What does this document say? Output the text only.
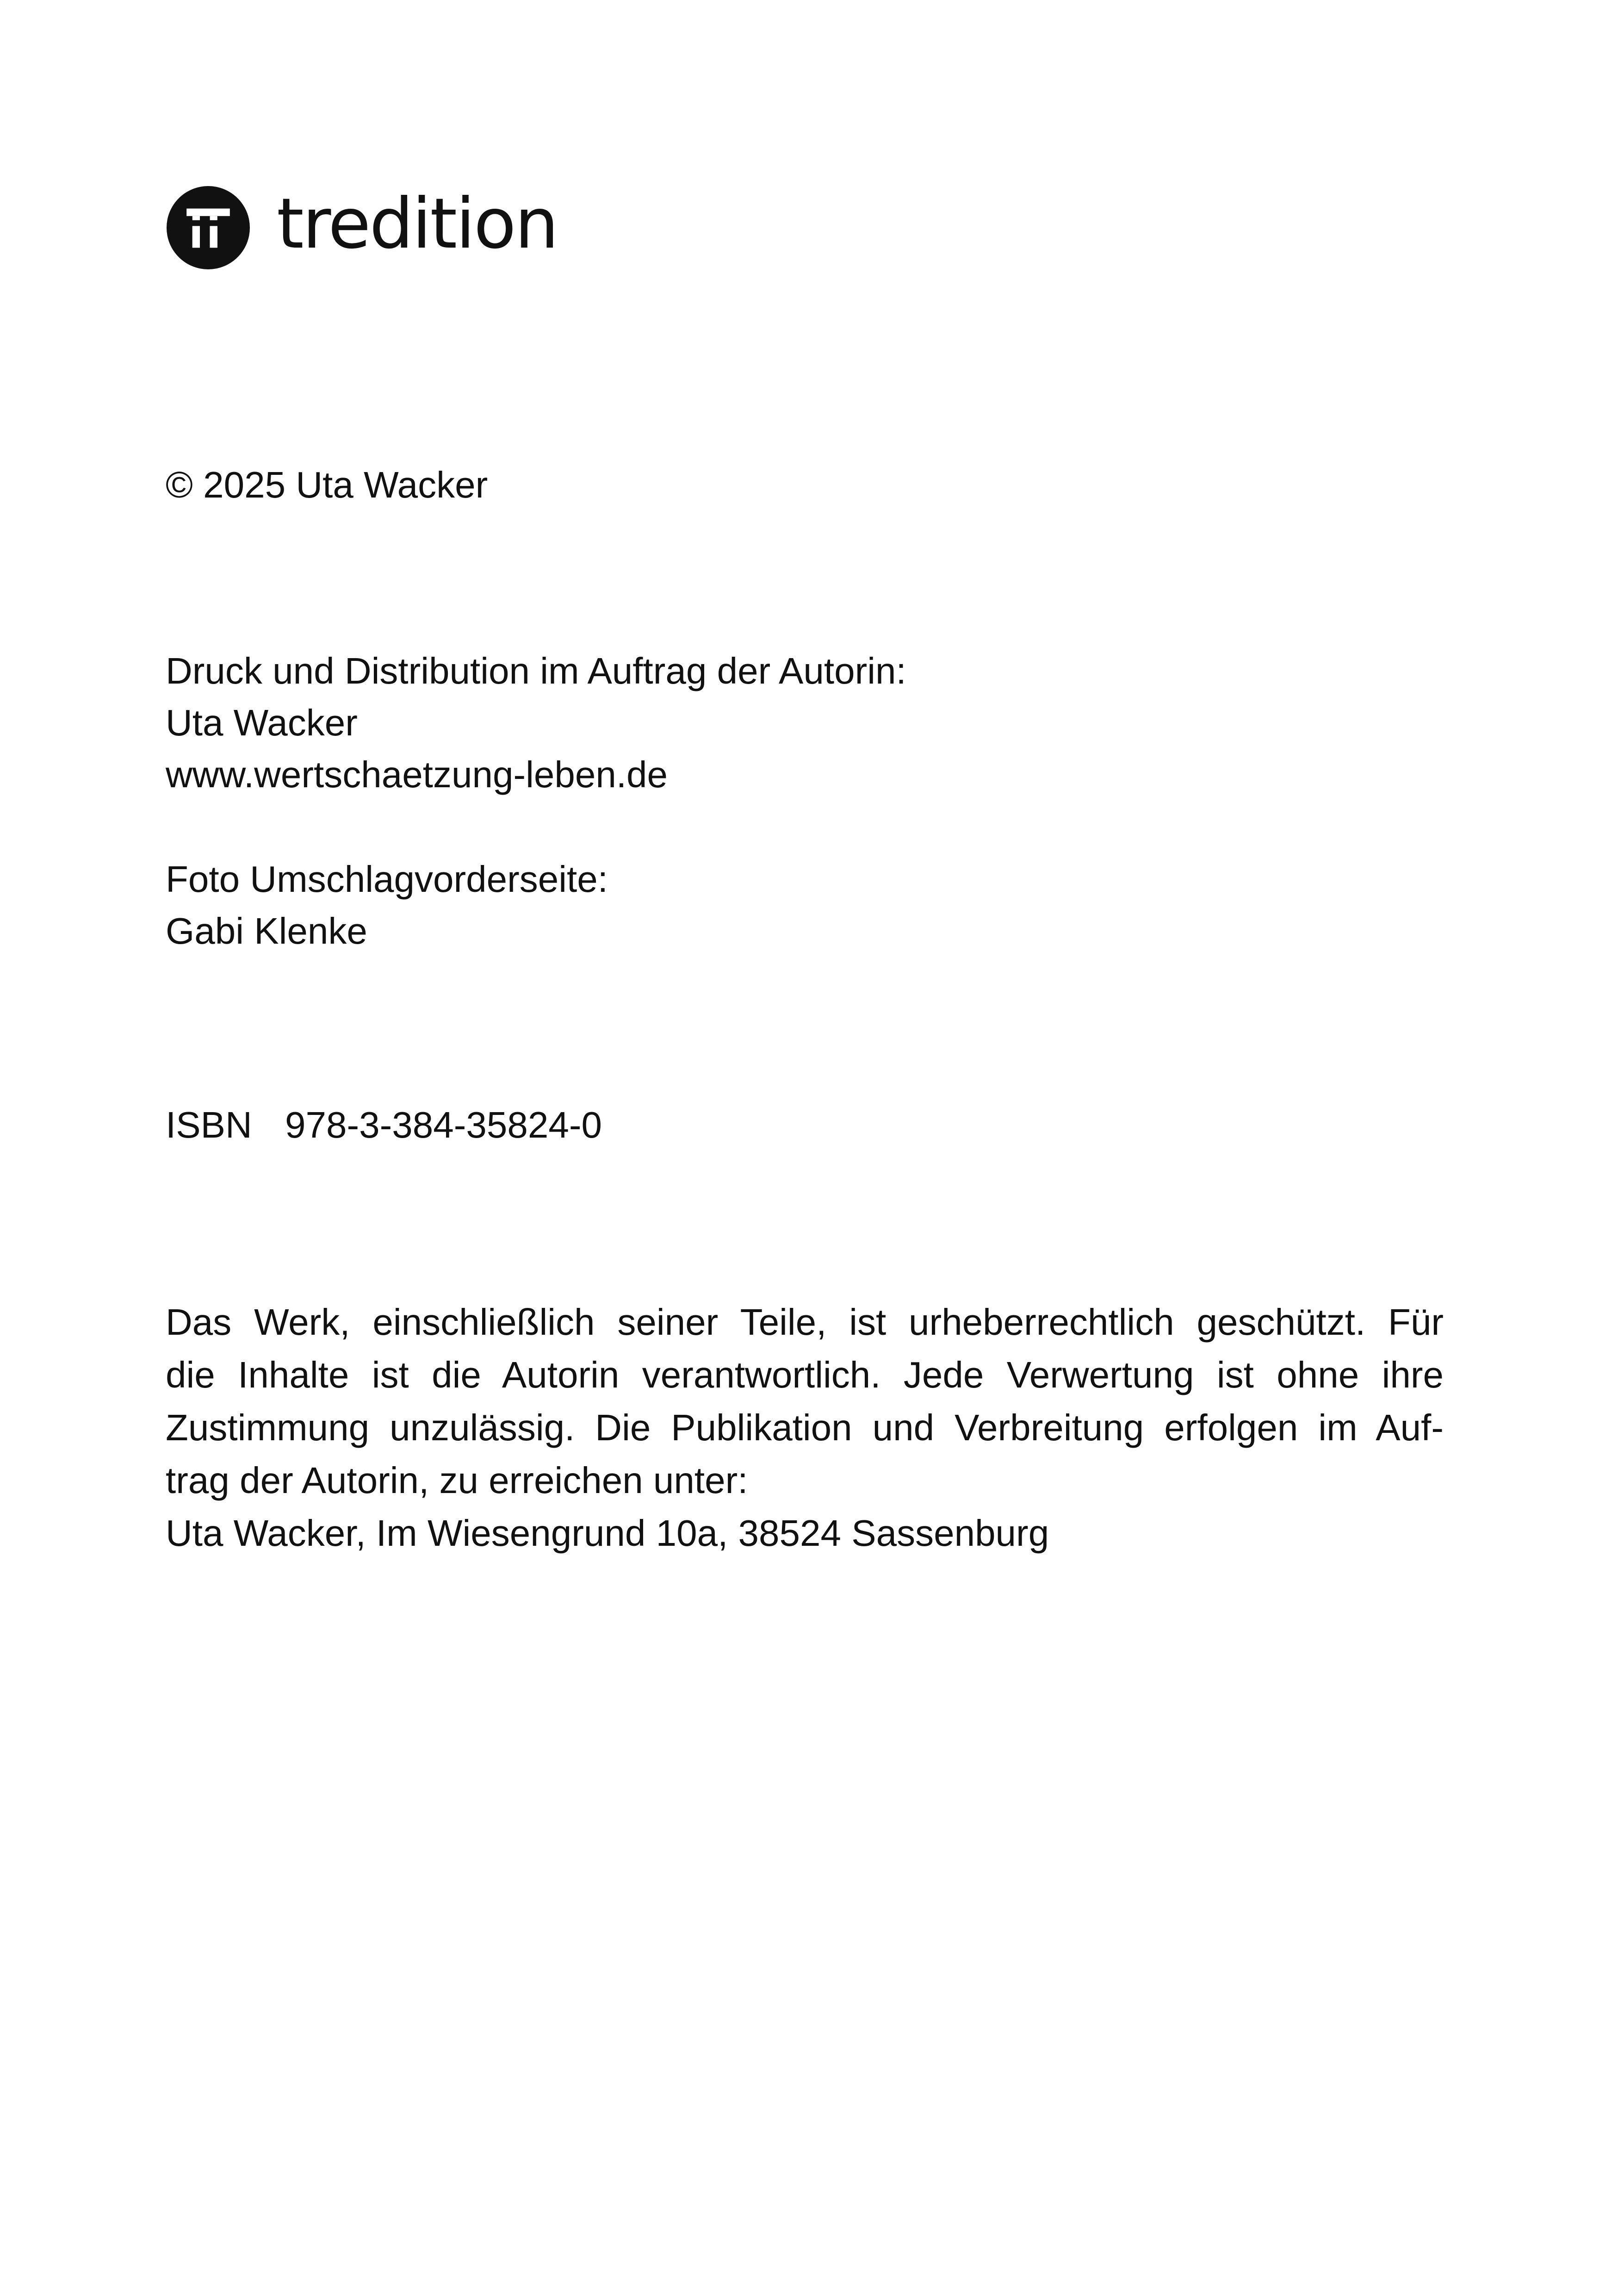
tredition
© 2025 Uta Wacker
Druck und Distribution im Auftrag der Autorin:
Uta Wacker
www.wertschaetzung-leben.de
Foto Umschlagvorderseite:
Gabi Klenke
ISBN 978-3-384-35824-0
Das Werk, einschließlich seiner Teile, ist urheberrechtlich geschützt. Für
die Inhalte ist die Autorin verantwortlich. Jede Verwertung ist ohne ihre
Zustimmung unzulässig. Die Publikation und Verbreitung erfolgen im Auf-
trag der Autorin, zu erreichen unter:
Uta Wacker, Im Wiesengrund 10a, 38524 Sassenburg
